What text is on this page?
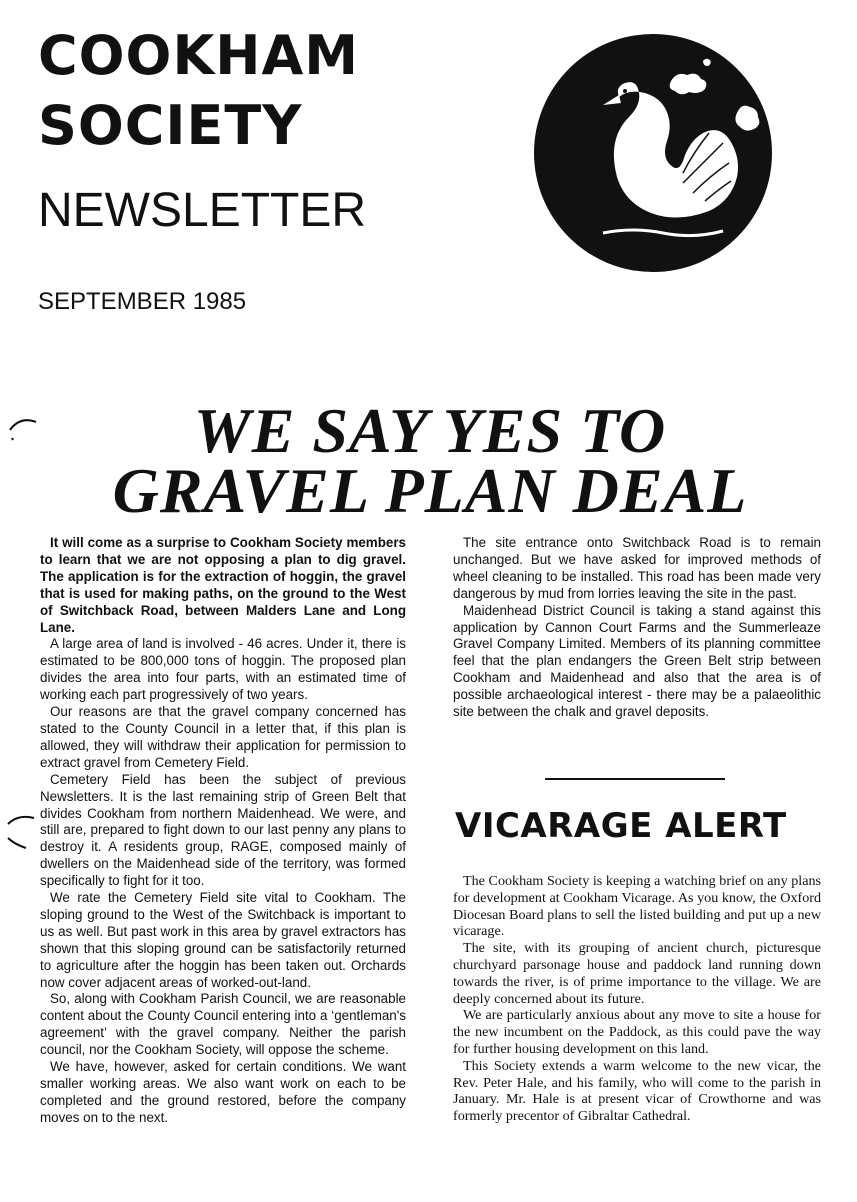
COOKHAM
SOCIETY
NEWSLETTER
SEPTEMBER 1985
WE SAY YES TO
GRAVEL PLAN DEAL

It will come as a surprise to Cookham Society members to learn that we are not opposing a plan to dig gravel. The application is for the extraction of hoggin, the gravel that is used for making paths, on the ground to the West of Switchback Road, between Malders Lane and Long Lane.

A large area of land is involved - 46 acres. Under it, there is estimated to be 800,000 tons of hoggin. The proposed plan divides the area into four parts, with an estimated time of working each part progressively of two years.

Our reasons are that the gravel company concerned has stated to the County Council in a letter that, if this plan is allowed, they will withdraw their application for permission to extract gravel from Cemetery Field.

Cemetery Field has been the subject of previous Newsletters. It is the last remaining strip of Green Belt that divides Cookham from northern Maidenhead. We were, and still are, prepared to fight down to our last penny any plans to destroy it. A residents group, RAGE, composed mainly of dwellers on the Maidenhead side of the territory, was formed specifically to fight for it too.

We rate the Cemetery Field site vital to Cookham. The sloping ground to the West of the Switchback is important to us as well. But past work in this area by gravel extractors has shown that this sloping ground can be satisfactorily returned to agriculture after the hoggin has been taken out. Orchards now cover adjacent areas of worked-out-land.

So, along with Cookham Parish Council, we are reasonable content about the County Council entering into a ‘gentleman's agreement’ with the gravel company. Neither the parish council, nor the Cookham Society, will oppose the scheme.

We have, however, asked for certain conditions. We want smaller working areas. We also want work on each to be completed and the ground restored, before the company moves on to the next.

The site entrance onto Switchback Road is to remain unchanged. But we have asked for improved methods of wheel cleaning to be installed. This road has been made very dangerous by mud from lorries leaving the site in the past.

Maidenhead District Council is taking a stand against this application by Cannon Court Farms and the Summerleaze Gravel Company Limited. Members of its planning committee feel that the plan endangers the Green Belt strip between Cookham and Maidenhead and also that the area is of possible archaeological interest - there may be a palaeolithic site between the chalk and gravel deposits.

VICARAGE ALERT

The Cookham Society is keeping a watching brief on any plans for development at Cookham Vicarage. As you know, the Oxford Diocesan Board plans to sell the listed building and put up a new vicarage.

The site, with its grouping of ancient church, picturesque churchyard parsonage house and paddock land running down towards the river, is of prime importance to the village. We are deeply concerned about its future.

We are particularly anxious about any move to site a house for the new incumbent on the Paddock, as this could pave the way for further housing development on this land.

This Society extends a warm welcome to the new vicar, the Rev. Peter Hale, and his family, who will come to the parish in January. Mr. Hale is at present vicar of Crowthorne and was formerly precentor of Gibraltar Cathedral.
